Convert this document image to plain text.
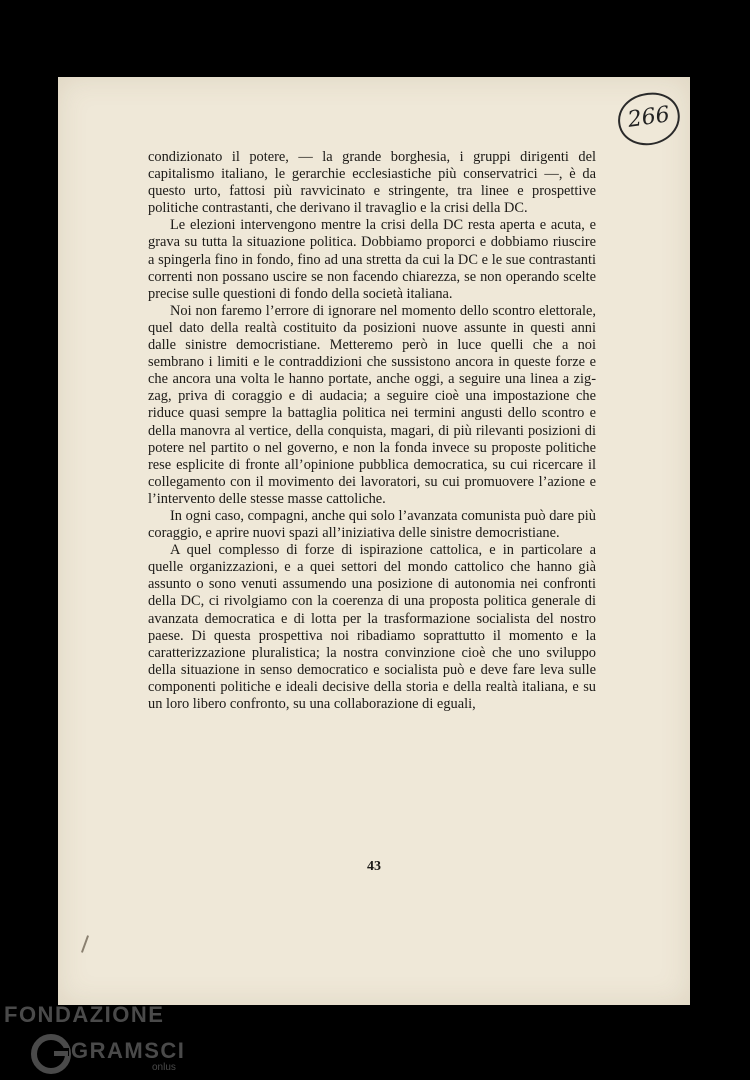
266

condizionato il potere, — la grande borghesia, i gruppi dirigenti del capitalismo italiano, le gerarchie ecclesiastiche più conservatrici —, è da questo urto, fattosi più ravvicinato e stringente, tra linee e prospettive politiche contrastanti, che derivano il travaglio e la crisi della DC.

Le elezioni intervengono mentre la crisi della DC resta aperta e acuta, e grava su tutta la situazione politica. Dobbiamo proporci e dobbiamo riuscire a spingerla fino in fondo, fino ad una stretta da cui la DC e le sue contrastanti correnti non possano uscire se non facendo chiarezza, se non operando scelte precise sulle questioni di fondo della società italiana.

Noi non faremo l’errore di ignorare nel momento dello scontro elettorale, quel dato della realtà costituito da posizioni nuove assunte in questi anni dalle sinistre democristiane. Metteremo però in luce quelli che a noi sembrano i limiti e le contraddizioni che sussistono ancora in queste forze e che ancora una volta le hanno portate, anche oggi, a seguire una linea a zig-zag, priva di coraggio e di audacia; a seguire cioè una impostazione che riduce quasi sempre la battaglia politica nei termini angusti dello scontro e della manovra al vertice, della conquista, magari, di più rilevanti posizioni di potere nel partito o nel governo, e non la fonda invece su proposte politiche rese esplicite di fronte all’opinione pubblica democratica, su cui ricercare il collegamento con il movimento dei lavoratori, su cui promuovere l’azione e l’intervento delle stesse masse cattoliche.

In ogni caso, compagni, anche qui solo l’avanzata comunista può dare più coraggio, e aprire nuovi spazi all’iniziativa delle sinistre democristiane.

A quel complesso di forze di ispirazione cattolica, e in particolare a quelle organizzazioni, e a quei settori del mondo cattolico che hanno già assunto o sono venuti assumendo una posizione di autonomia nei confronti della DC, ci rivolgiamo con la coerenza di una proposta politica generale di avanzata democratica e di lotta per la trasformazione socialista del nostro paese. Di questa prospettiva noi ribadiamo soprattutto il momento e la caratterizzazione pluralistica; la nostra convinzione cioè che uno sviluppo della situazione in senso democratico e socialista può e deve fare leva sulle componenti politiche e ideali decisive della storia e della realtà italiana, e su un loro libero confronto, su una collaborazione di eguali,

43
FONDAZIONE
GRAMSCI
onlus
